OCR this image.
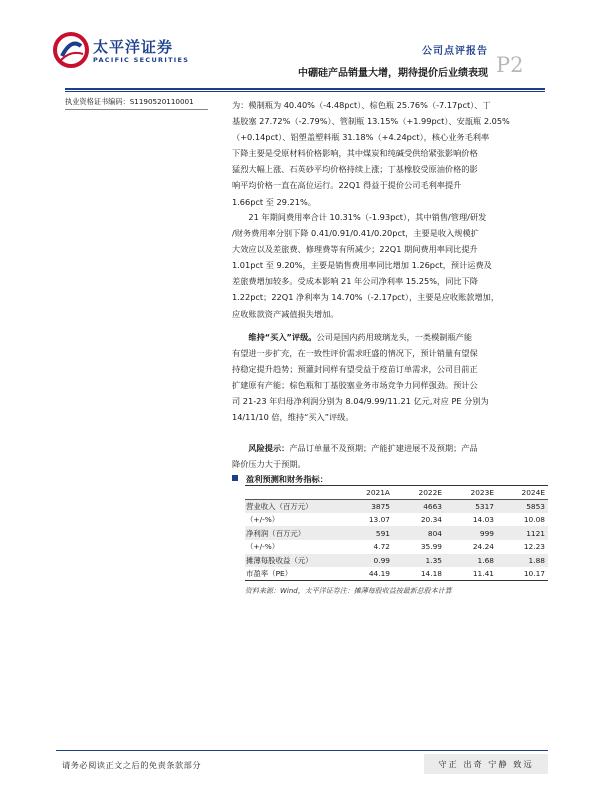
太平洋证券
PACIFIC SECURITIES
公司点评报告
中硼硅产品销量大增，期待提价后业绩表现 P2
执业资格证书编码：S1190520110001	为：模制瓶为 40.40%（-4.48pct）、棕色瓶 25.76%（-7.17pct）、丁
基胶塞 27.72%（-2.79%）、管制瓶 13.15%（+1.99pct）、安瓿瓶 2.05%
（+0.14pct）、铝塑盖塑料瓶 31.18%（+4.24pct），核心业务毛利率
下降主要是受原材料价格影响，其中煤炭和纯碱受供给紧张影响价格
猛烈大幅上涨、石英砂平均价格持续上涨；丁基橡胶受原油价格的影
响平均价格一直在高位运行。22Q1 得益于提价公司毛利率提升
1.66pct 至 29.21%。
　　21 年期间费用率合计 10.31%（-1.93pct），其中销售/管理/研发
/财务费用率分别下降 0.41/0.91/0.41/0.20pct，主要是收入规模扩
大效应以及差旅费、修理费等有所减少；22Q1 期间费用率同比提升
1.01pct 至 9.20%，主要是销售费用率同比增加 1.26pct，预计运费及
差旅费增加较多。受成本影响 21 年公司净利率 15.25%，同比下降
1.22pct；22Q1 净利率为 14.70%（-2.17pct），主要是应收账款增加，
应收账款资产减值损失增加。
　　维持“买入”评级。公司是国内药用玻璃龙头，一类模制瓶产能
有望进一步扩充，在一致性评价需求旺盛的情况下，预计销量有望保
持稳定提升趋势；预灌封同样有望受益于疫苗订单需求，公司目前正
扩建原有产能；棕色瓶和丁基胶塞业务市场竞争力同样强劲。预计公
司 21-23 年归母净利润分别为 8.04/9.99/11.21 亿元,对应 PE 分别为
14/11/10 倍，维持“买入”评级。
　　风险提示：产品订单量不及预期；产能扩建进展不及预期；产品
降价压力大于预期。
盈利预测和财务指标：
	2021A	2022E	2023E	2024E
营业收入（百万元）	3875	4663	5317	5853
（+/-%）	13.07	20.34	14.03	10.08
净利润（百万元）	591	804	999	1121
（+/-%）	4.72	35.99	24.24	12.23
摊薄每股收益（元）	0.99	1.35	1.68	1.88
市盈率（PE）	44.19	14.18	11.41	10.17
资料来源：Wind，太平洋证券注：摊薄每股收益按最新总股本计算
请务必阅读正文之后的免责条款部分	守正 出奇 宁静 致远
